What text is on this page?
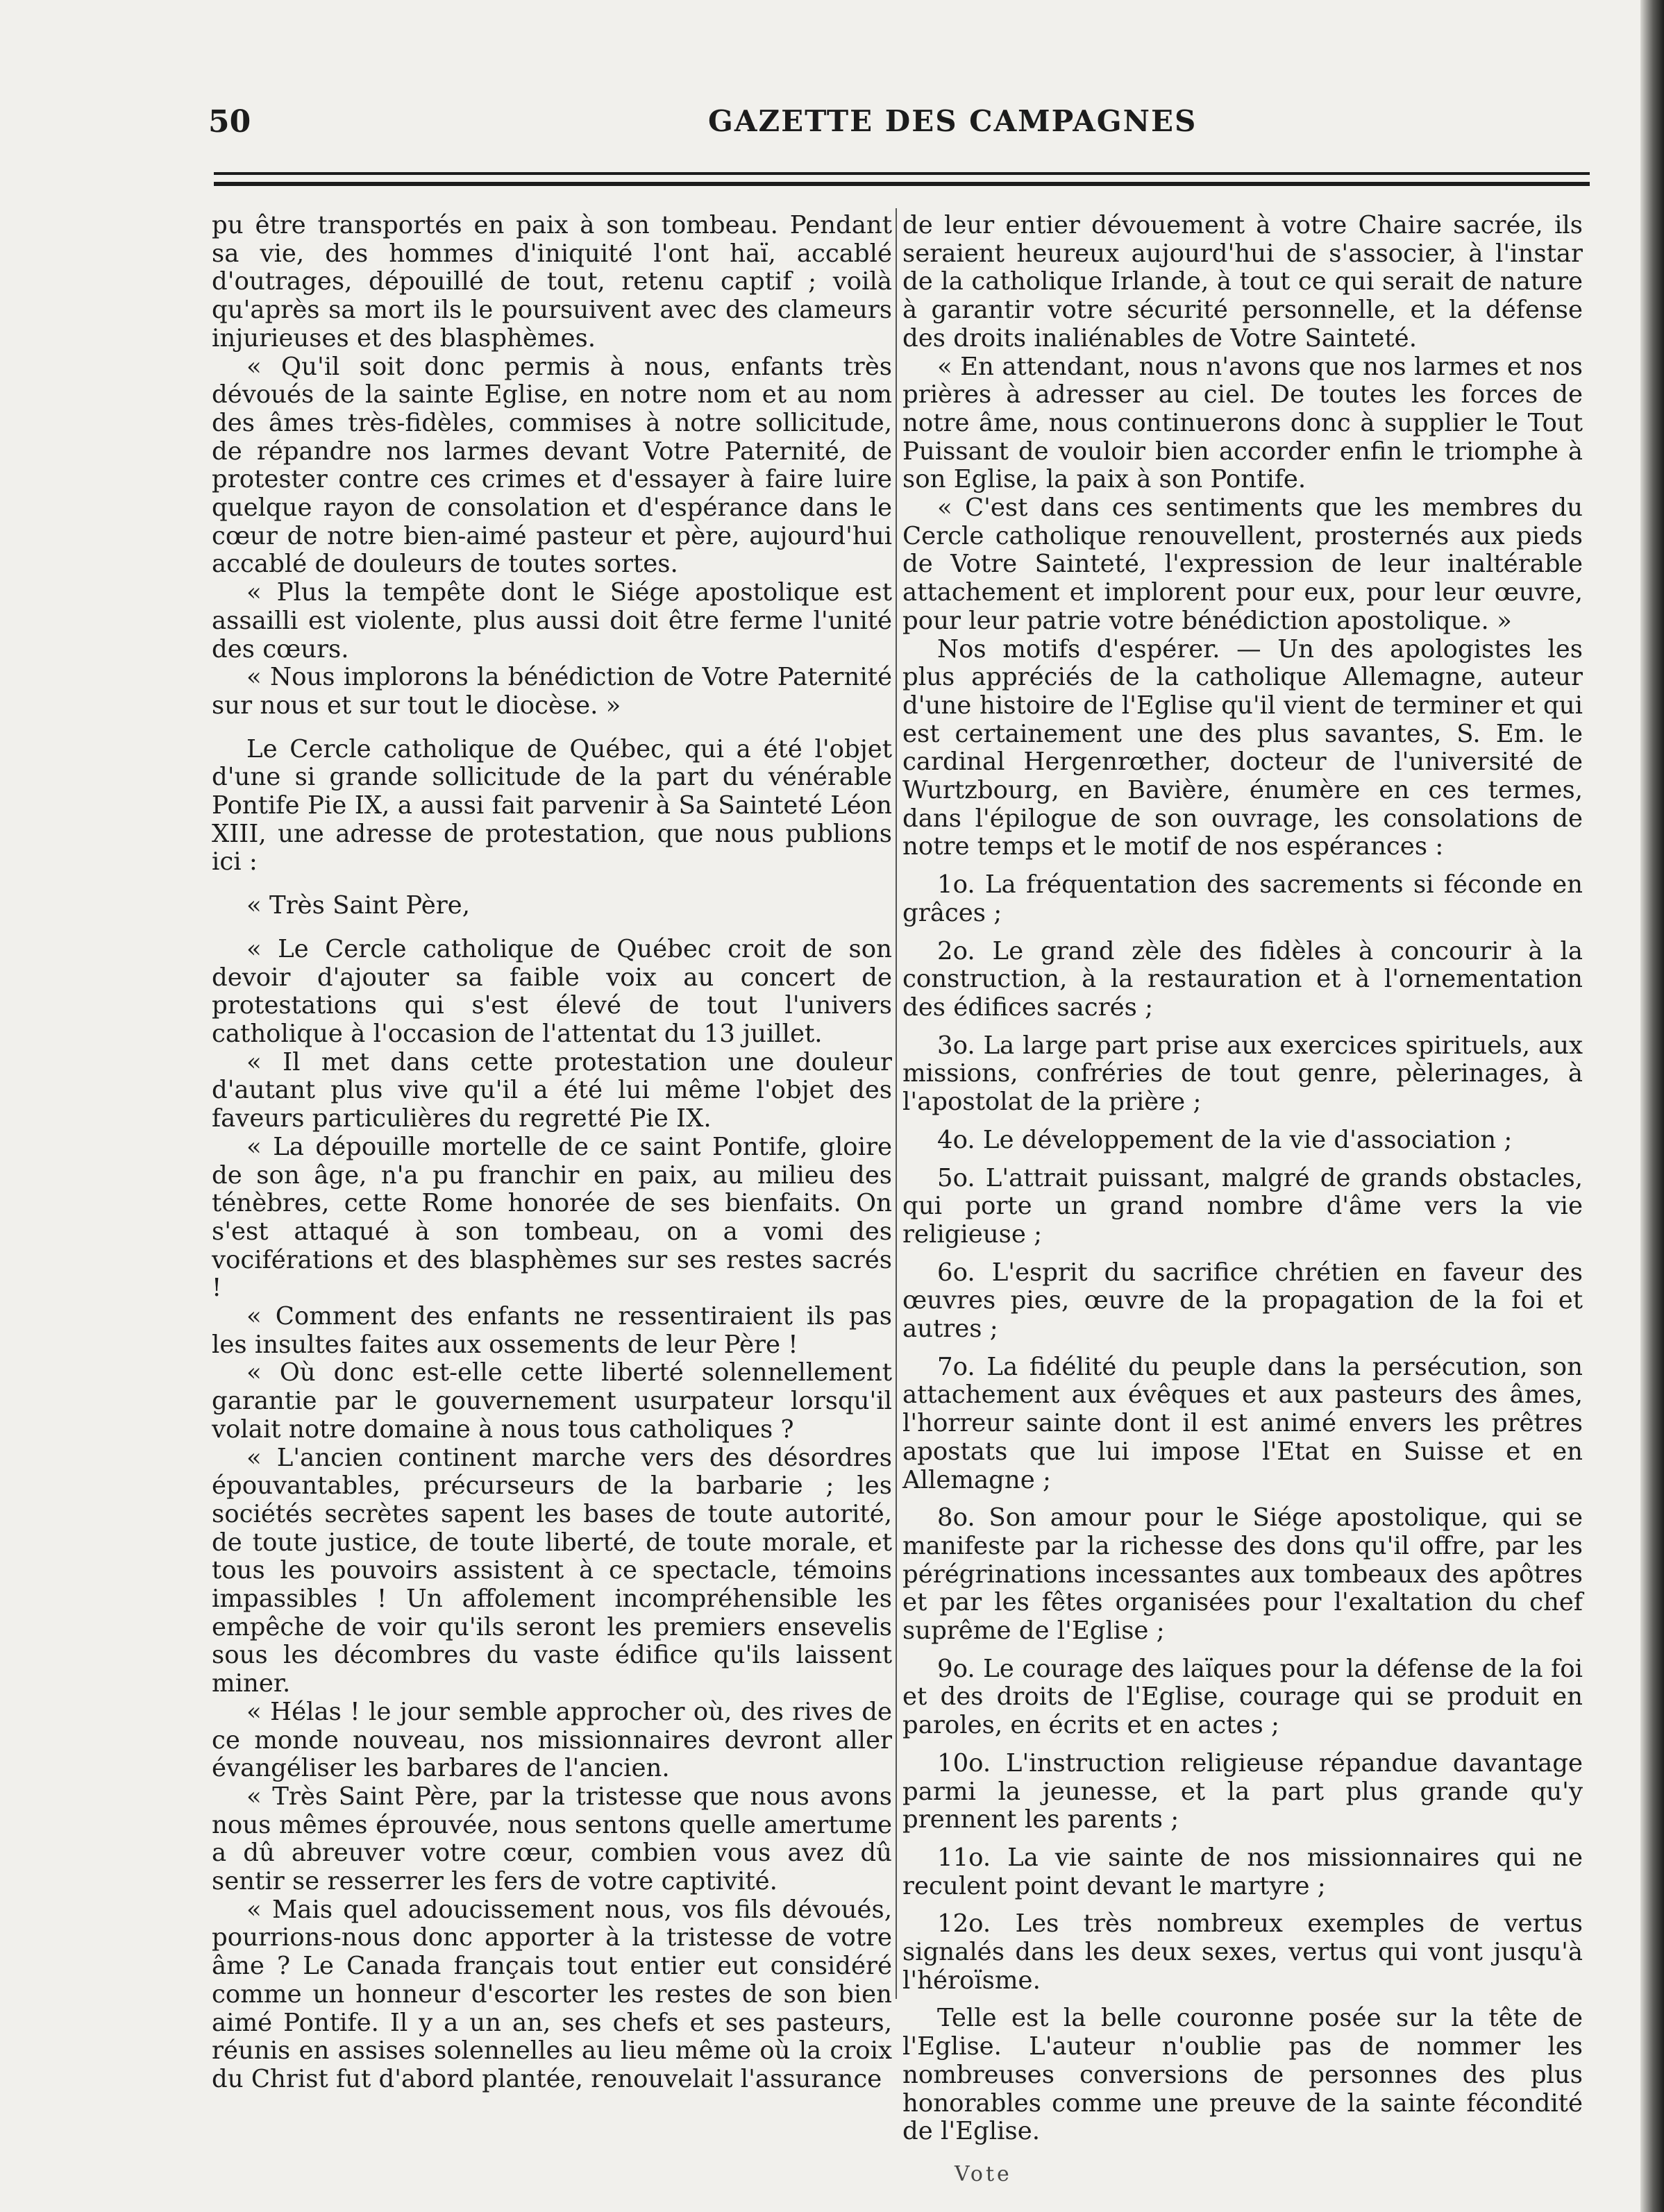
50	GAZETTE DES CAMPAGNES

pu être transportés en paix à son tombeau. Pendant sa vie, des hommes d'iniquité l'ont haï, accablé d'outrages, dépouillé de tout, retenu captif ; voilà qu'après sa mort ils le poursuivent avec des clameurs injurieuses et des blasphèmes.

« Qu'il soit donc permis à nous, enfants très dévoués de la sainte Eglise, en notre nom et au nom des âmes très-fidèles, commises à notre sollicitude, de répandre nos larmes devant Votre Paternité, de protester contre ces crimes et d'essayer à faire luire quelque rayon de consolation et d'espérance dans le cœur de notre bien-aimé pasteur et père, aujourd'hui accablé de douleurs de toutes sortes.

« Plus la tempête dont le Siége apostolique est assailli est violente, plus aussi doit être ferme l'unité des cœurs.

« Nous implorons la bénédiction de Votre Paternité sur nous et sur tout le diocèse. »

Le Cercle catholique de Québec, qui a été l'objet d'une si grande sollicitude de la part du vénérable Pontife Pie IX, a aussi fait parvenir à Sa Sainteté Léon XIII, une adresse de protestation, que nous publions ici :

« Très Saint Père,

« Le Cercle catholique de Québec croit de son devoir d'ajouter sa faible voix au concert de protestations qui s'est élevé de tout l'univers catholique à l'occasion de l'attentat du 13 juillet.

« Il met dans cette protestation une douleur d'autant plus vive qu'il a été lui même l'objet des faveurs particulières du regretté Pie IX.

« La dépouille mortelle de ce saint Pontife, gloire de son âge, n'a pu franchir en paix, au milieu des ténèbres, cette Rome honorée de ses bienfaits. On s'est attaqué à son tombeau, on a vomi des vociférations et des blasphèmes sur ses restes sacrés !

« Comment des enfants ne ressentiraient ils pas les insultes faites aux ossements de leur Père !

« Où donc est-elle cette liberté solennellement garantie par le gouvernement usurpateur lorsqu'il volait notre domaine à nous tous catholiques ?

« L'ancien continent marche vers des désordres épouvantables, précurseurs de la barbarie ; les sociétés secrètes sapent les bases de toute autorité, de toute justice, de toute liberté, de toute morale, et tous les pouvoirs assistent à ce spectacle, témoins impassibles ! Un affolement incompréhensible les empêche de voir qu'ils seront les premiers ensevelis sous les décombres du vaste édifice qu'ils laissent miner.

« Hélas ! le jour semble approcher où, des rives de ce monde nouveau, nos missionnaires devront aller évangéliser les barbares de l'ancien.

« Très Saint Père, par la tristesse que nous avons nous mêmes éprouvée, nous sentons quelle amertume a dû abreuver votre cœur, combien vous avez dû sentir se resserrer les fers de votre captivité.

« Mais quel adoucissement nous, vos fils dévoués, pourrions-nous donc apporter à la tristesse de votre âme ? Le Canada français tout entier eut considéré comme un honneur d'escorter les restes de son bien aimé Pontife. Il y a un an, ses chefs et ses pasteurs, réunis en assises solennelles au lieu même où la croix du Christ fut d'abord plantée, renouvelait l'assurance

de leur entier dévouement à votre Chaire sacrée, ils seraient heureux aujourd'hui de s'associer, à l'instar de la catholique Irlande, à tout ce qui serait de nature à garantir votre sécurité personnelle, et la défense des droits inaliénables de Votre Sainteté.

« En attendant, nous n'avons que nos larmes et nos prières à adresser au ciel. De toutes les forces de notre âme, nous continuerons donc à supplier le Tout Puissant de vouloir bien accorder enfin le triomphe à son Eglise, la paix à son Pontife.

« C'est dans ces sentiments que les membres du Cercle catholique renouvellent, prosternés aux pieds de Votre Sainteté, l'expression de leur inaltérable attachement et implorent pour eux, pour leur œuvre, pour leur patrie votre bénédiction apostolique. »

Nos motifs d'espérer. — Un des apologistes les plus appréciés de la catholique Allemagne, auteur d'une histoire de l'Eglise qu'il vient de terminer et qui est certainement une des plus savantes, S. Em. le cardinal Hergenrœther, docteur de l'université de Wurtzbourg, en Bavière, énumère en ces termes, dans l'épilogue de son ouvrage, les consolations de notre temps et le motif de nos espérances :

1o. La fréquentation des sacrements si féconde en grâces ;

2o. Le grand zèle des fidèles à concourir à la construction, à la restauration et à l'ornementation des édifices sacrés ;

3o. La large part prise aux exercices spirituels, aux missions, confréries de tout genre, pèlerinages, à l'apostolat de la prière ;

4o. Le développement de la vie d'association ;

5o. L'attrait puissant, malgré de grands obstacles, qui porte un grand nombre d'âme vers la vie religieuse ;

6o. L'esprit du sacrifice chrétien en faveur des œuvres pies, œuvre de la propagation de la foi et autres ;

7o. La fidélité du peuple dans la persécution, son attachement aux évêques et aux pasteurs des âmes, l'horreur sainte dont il est animé envers les prêtres apostats que lui impose l'Etat en Suisse et en Allemagne ;

8o. Son amour pour le Siége apostolique, qui se manifeste par la richesse des dons qu'il offre, par les pérégrinations incessantes aux tombeaux des apôtres et par les fêtes organisées pour l'exaltation du chef suprême de l'Eglise ;

9o. Le courage des laïques pour la défense de la foi et des droits de l'Eglise, courage qui se produit en paroles, en écrits et en actes ;

10o. L'instruction religieuse répandue davantage parmi la jeunesse, et la part plus grande qu'y prennent les parents ;

11o. La vie sainte de nos missionnaires qui ne reculent point devant le martyre ;

12o. Les très nombreux exemples de vertus signalés dans les deux sexes, vertus qui vont jusqu'à l'héroïsme.

Telle est la belle couronne posée sur la tête de l'Eglise. L'auteur n'oublie pas de nommer les nombreuses conversions de personnes des plus honorables comme une preuve de la sainte fécondité de l'Eglise.

Vote
